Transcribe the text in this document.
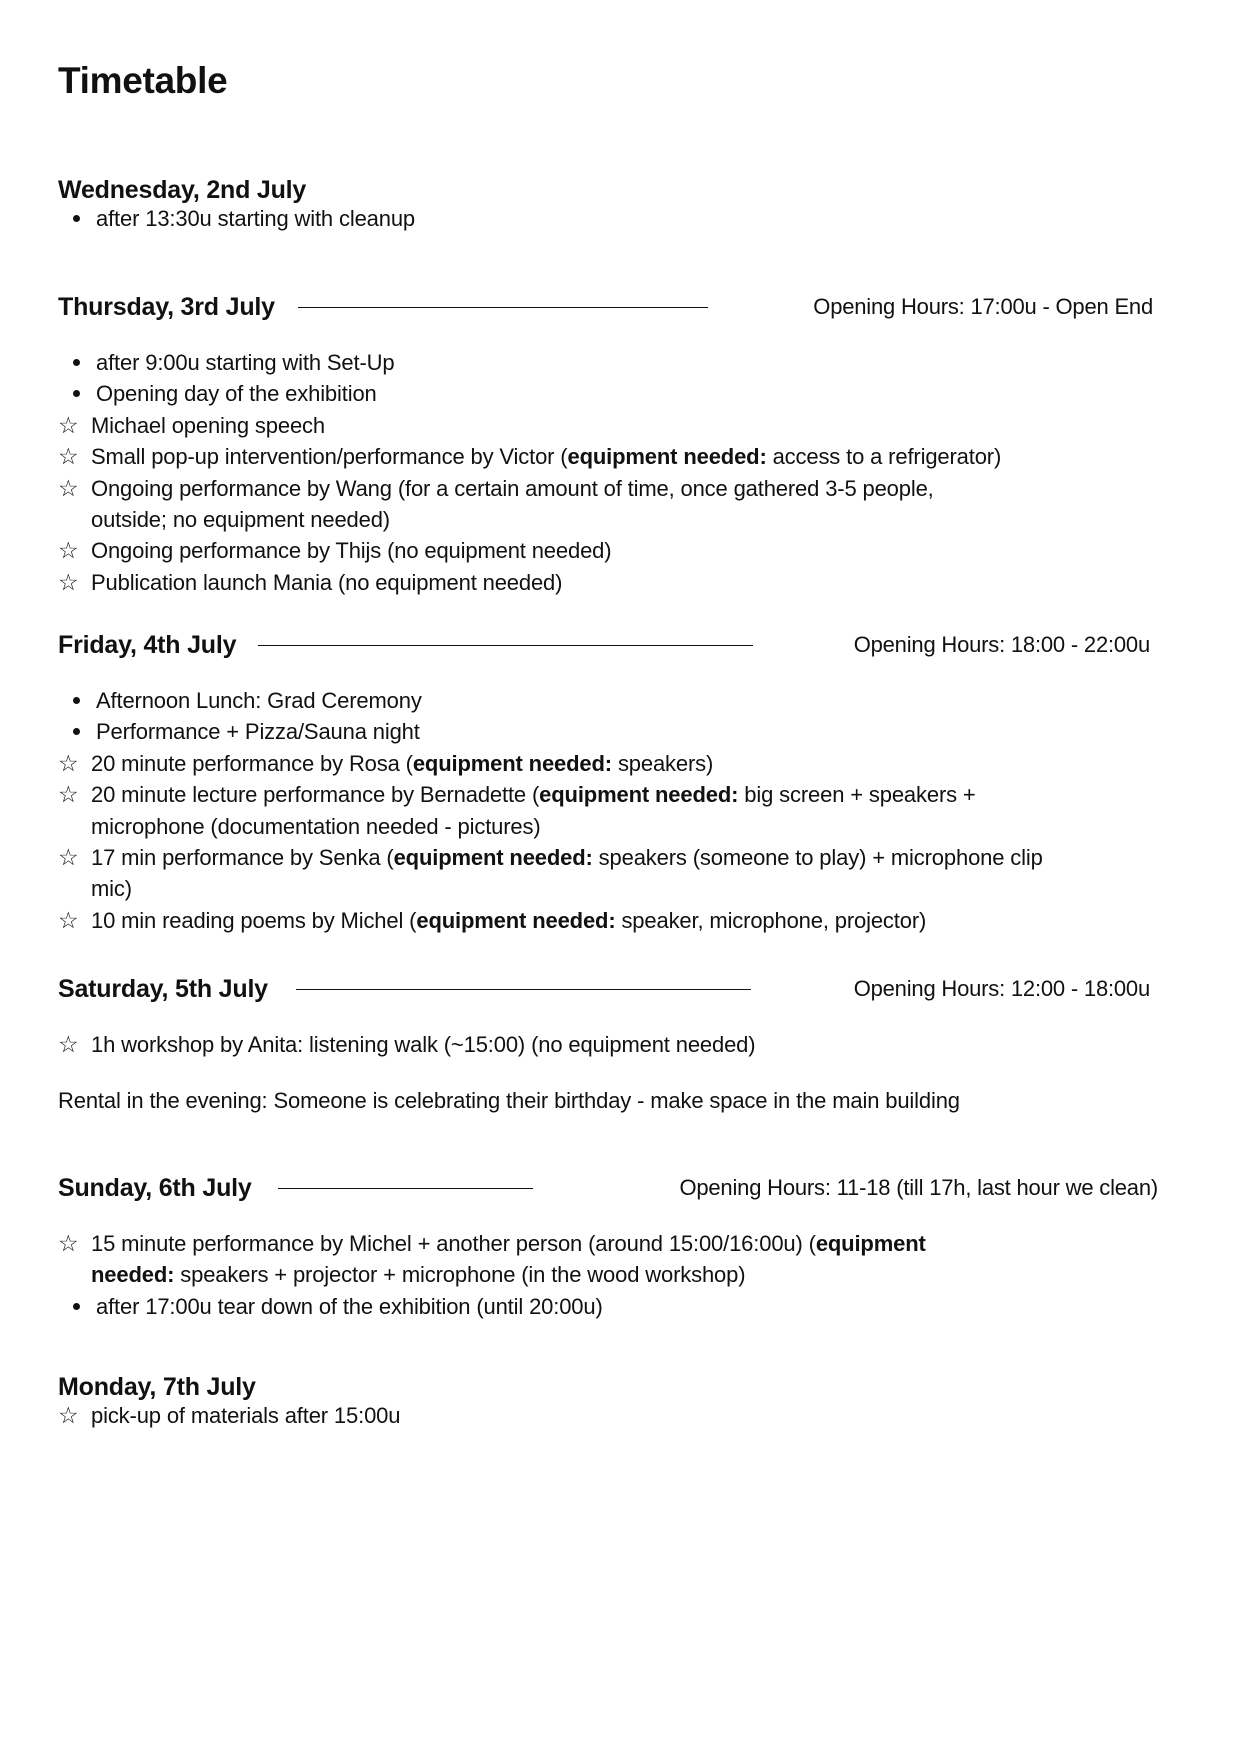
Timetable
Wednesday, 2nd July
after 13:30u starting with cleanup
Thursday, 3rd July	Opening Hours: 17:00u - Open End
after 9:00u starting with Set-Up
Opening day of the exhibition
☆ Michael opening speech
☆ Small pop-up intervention/performance by Victor (equipment needed: access to a refrigerator)
☆ Ongoing performance by Wang (for a certain amount of time, once gathered 3-5 people, outside; no equipment needed)
☆ Ongoing performance by Thijs (no equipment needed)
☆ Publication launch Mania (no equipment needed)
Friday, 4th July	Opening Hours: 18:00 - 22:00u
Afternoon Lunch: Grad Ceremony
Performance + Pizza/Sauna night
☆ 20 minute performance by Rosa (equipment needed: speakers)
☆ 20 minute lecture performance by Bernadette (equipment needed: big screen + speakers + microphone (documentation needed - pictures)
☆ 17 min performance by Senka (equipment needed: speakers (someone to play) + microphone clip mic)
☆ 10 min reading poems by Michel (equipment needed: speaker, microphone, projector)
Saturday, 5th July	Opening Hours: 12:00 - 18:00u
☆ 1h workshop by Anita: listening walk (~15:00) (no equipment needed)

Rental in the evening: Someone is celebrating their birthday - make space in the main building

Sunday, 6th July	Opening Hours: 11-18 (till 17h, last hour we clean)
☆ 15 minute performance by Michel + another person (around 15:00/16:00u) (equipment needed: speakers + projector + microphone (in the wood workshop)
after 17:00u tear down of the exhibition (until 20:00u)
Monday, 7th July
☆ pick-up of materials after 15:00u
